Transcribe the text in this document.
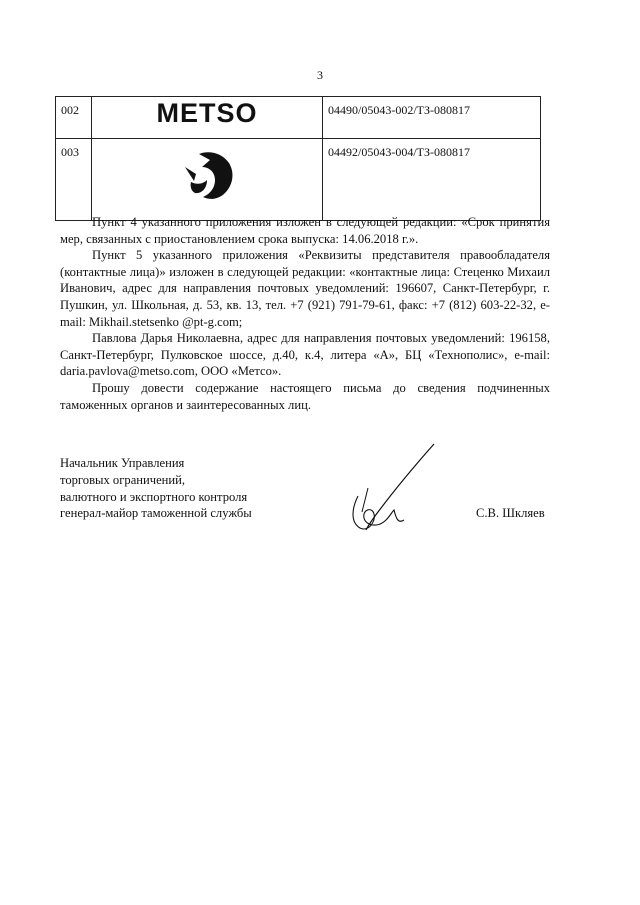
3
002	METSO	04490/05043-002/ТЗ-080817
003		04492/05043-004/ТЗ-080817

Пункт 4 указанного приложения изложен в следующей редакции: «Срок принятия мер, связанных с приостановлением срока выпуска: 14.06.2018 г.».

Пункт 5 указанного приложения «Реквизиты представителя правообладателя (контактные лица)» изложен в следующей редакции: «контактные лица: Стеценко Михаил Иванович, адрес для направления почтовых уведомлений: 196607, Санкт-Петербург, г. Пушкин, ул. Школьная, д. 53, кв. 13, тел. +7 (921) 791-79-61, факс: +7 (812) 603-22-32, e-mail: Mikhail.stetsenko @pt-g.com;

Павлова Дарья Николаевна, адрес для направления почтовых уведомлений: 196158, Санкт-Петербург, Пулковское шоссе, д.40, к.4, литера «А», БЦ «Технополис», e-mail: daria.pavlova@metso.com, ООО «Метсо».

Прошу довести содержание настоящего письма до сведения подчиненных таможенных органов и заинтересованных лиц.

Начальник Управления
торговых ограничений,
валютного и экспортного контроля
генерал-майор таможенной службы	С.В. Шкляев
